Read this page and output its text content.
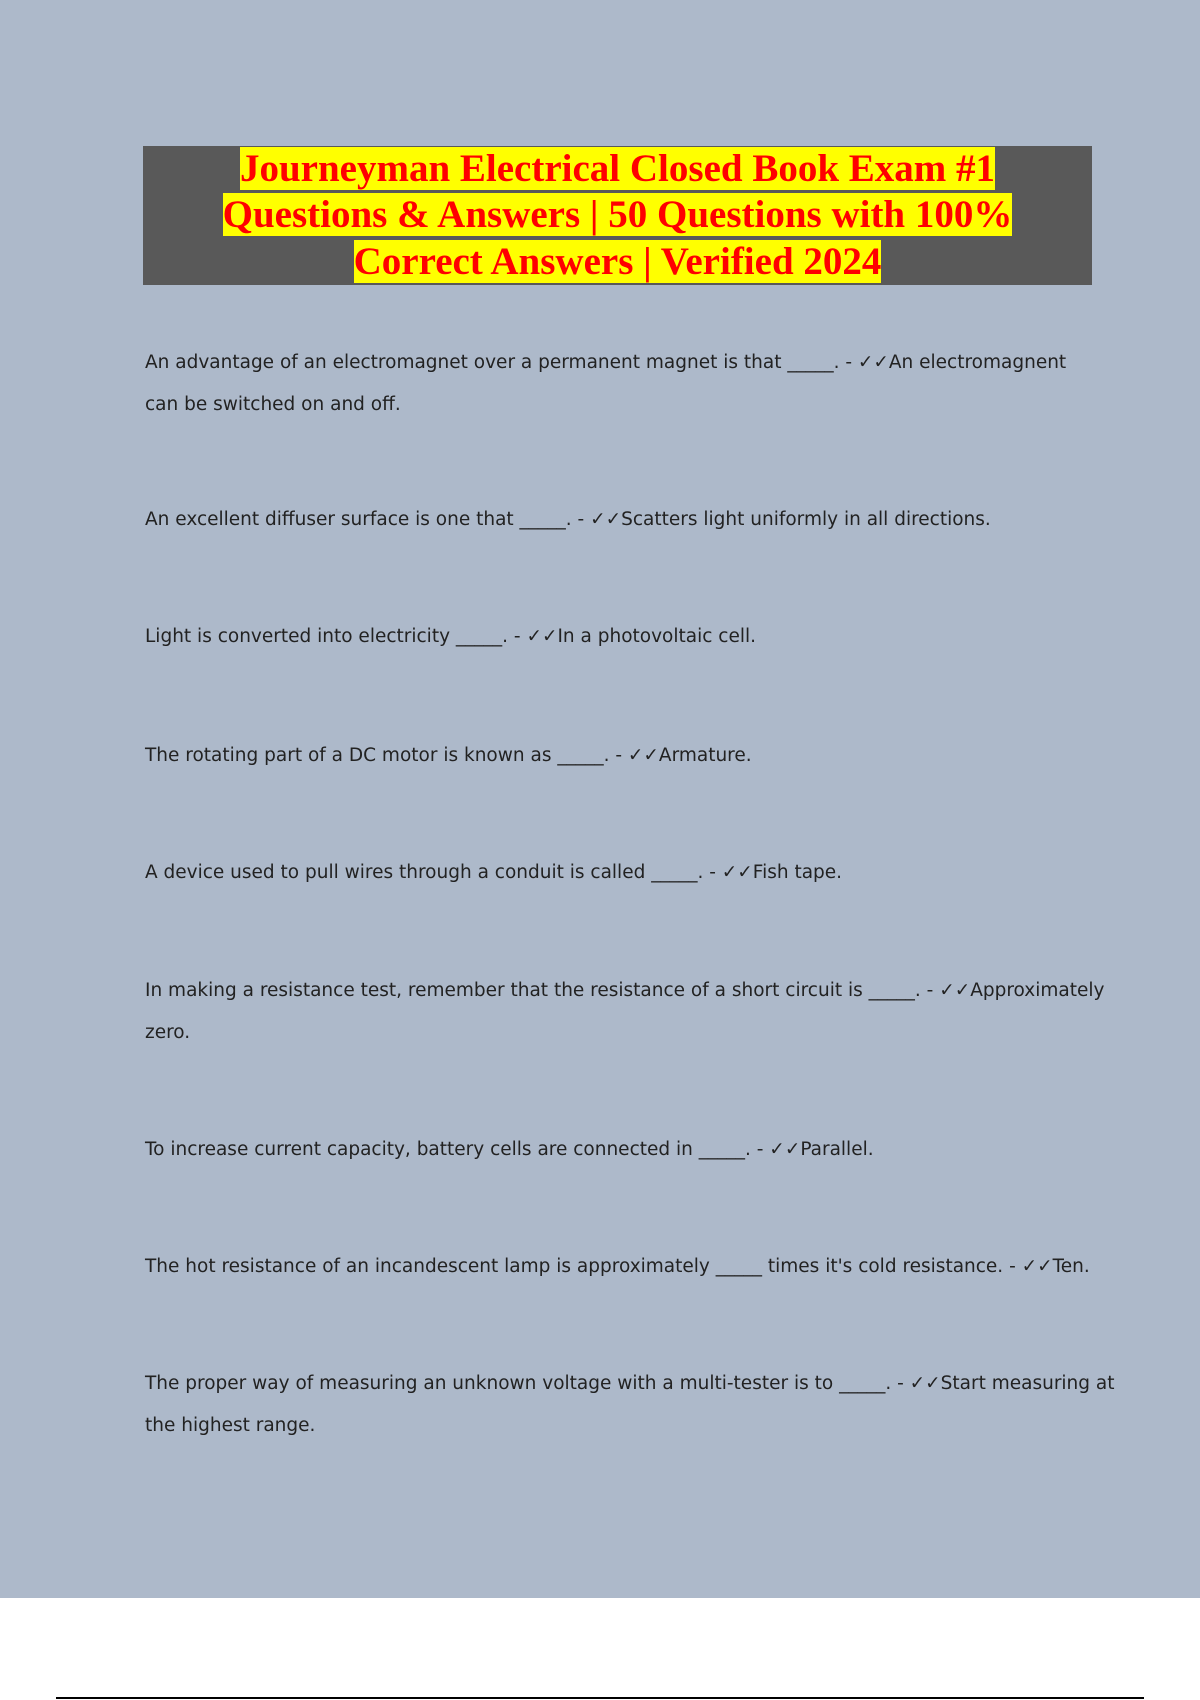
Journeyman Electrical Closed Book Exam #1
Questions & Answers | 50 Questions with 100%
Correct Answers | Verified 2024
An advantage of an electromagnet over a permanent magnet is that _____. - ✓✓An electromagnent
can be switched on and off.
An excellent diffuser surface is one that _____. - ✓✓Scatters light uniformly in all directions.
Light is converted into electricity _____. - ✓✓In a photovoltaic cell.
The rotating part of a DC motor is known as _____. - ✓✓Armature.
A device used to pull wires through a conduit is called _____. - ✓✓Fish tape.
In making a resistance test, remember that the resistance of a short circuit is _____. - ✓✓Approximately
zero.
To increase current capacity, battery cells are connected in _____. - ✓✓Parallel.
The hot resistance of an incandescent lamp is approximately _____ times it's cold resistance. - ✓✓Ten.
The proper way of measuring an unknown voltage with a multi-tester is to _____. - ✓✓Start measuring at
the highest range.
